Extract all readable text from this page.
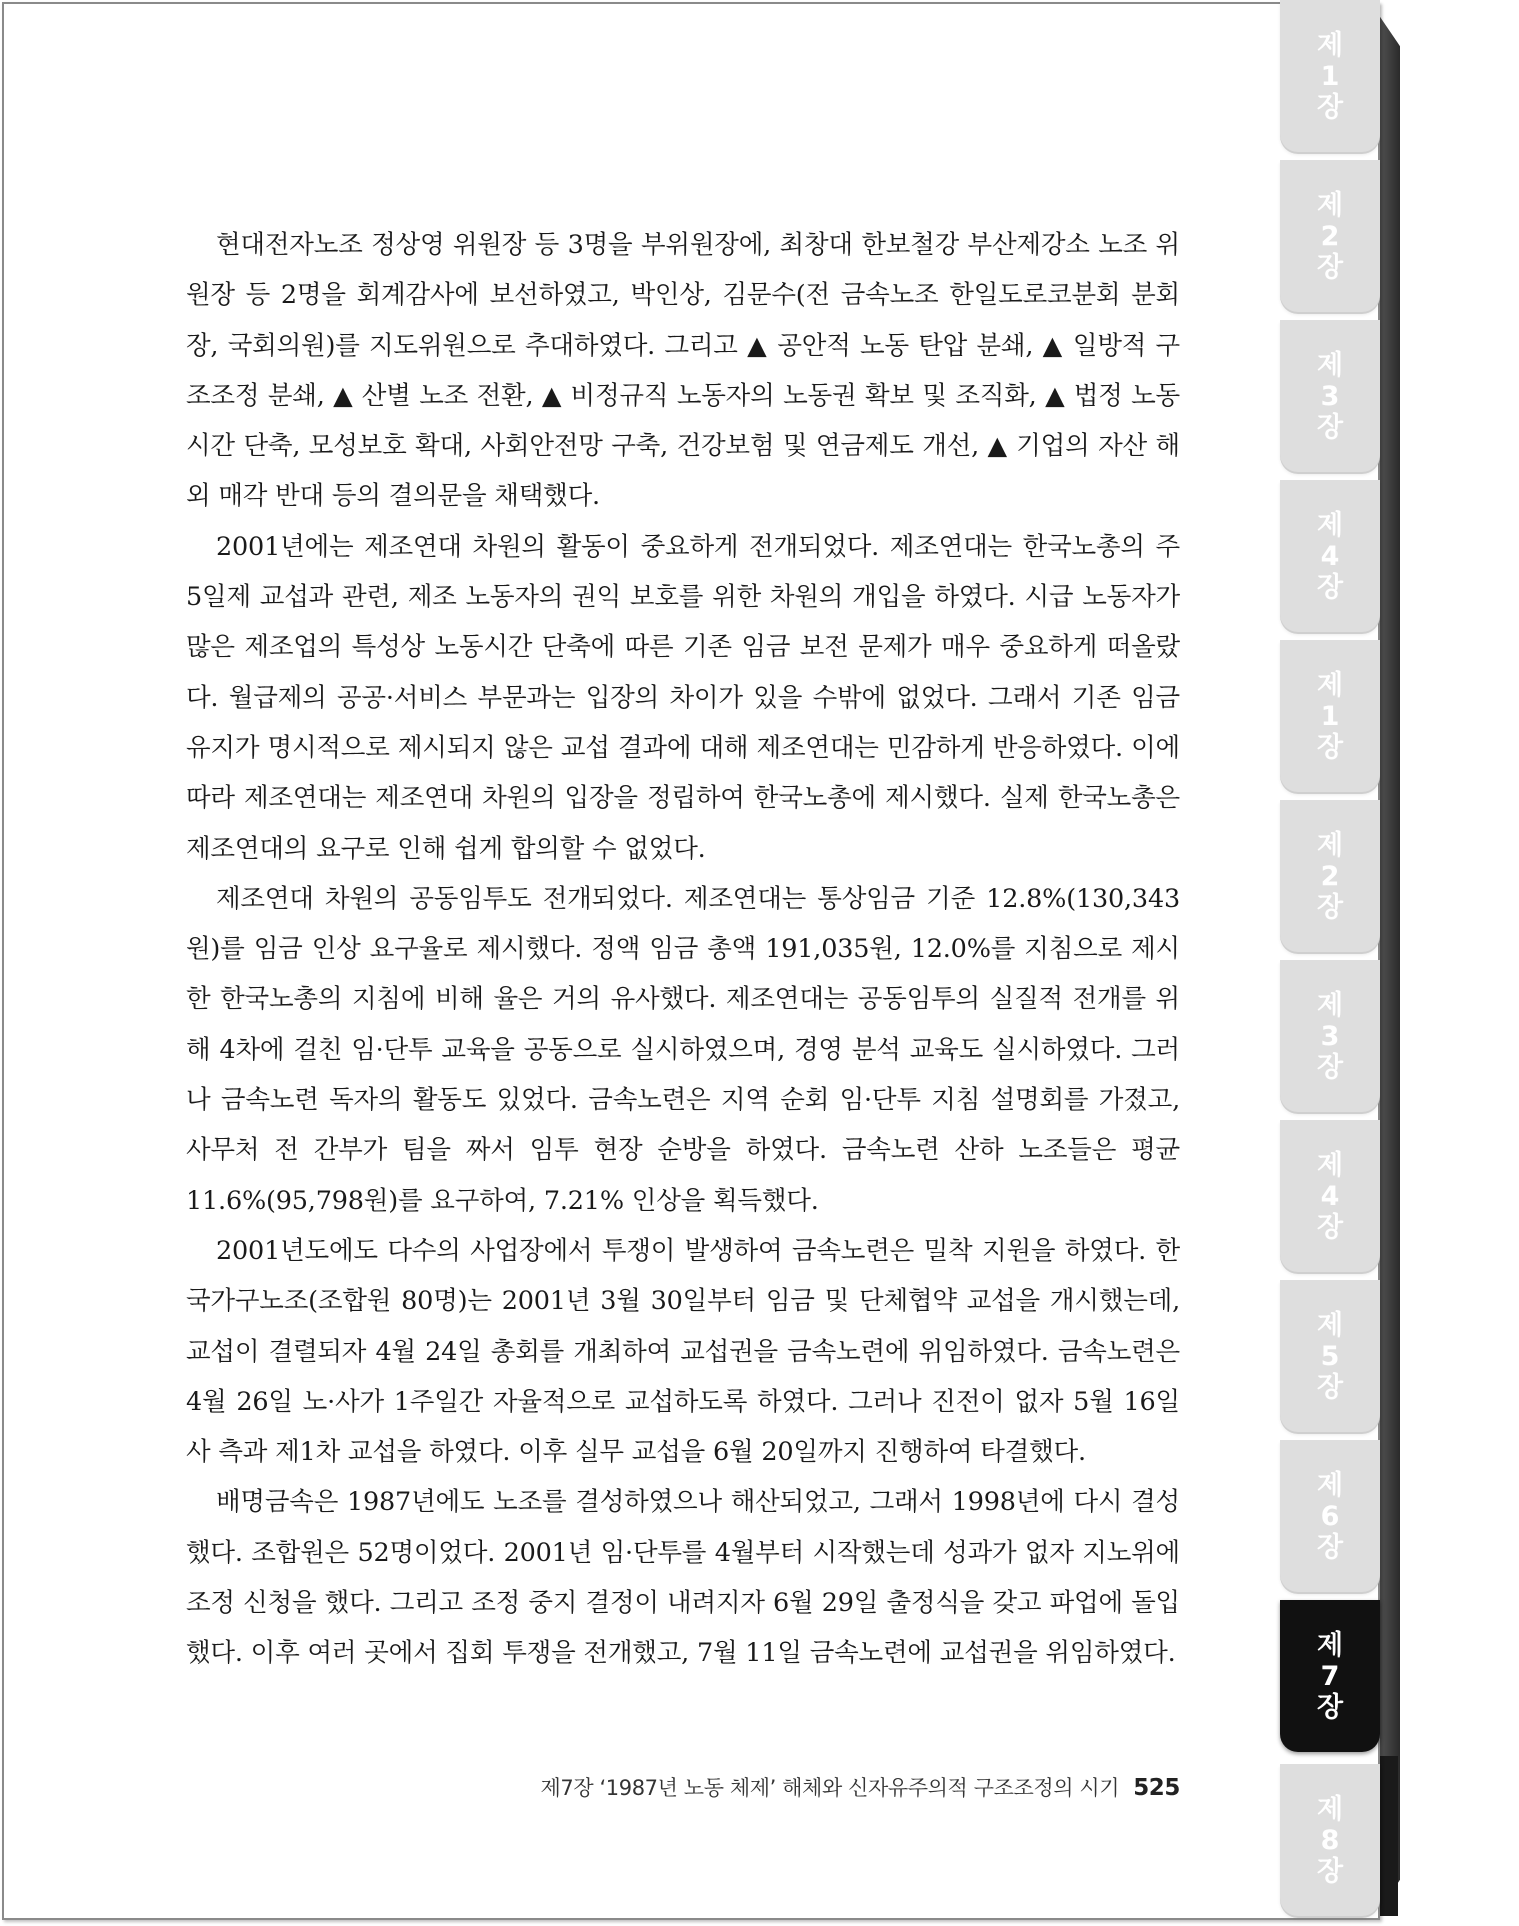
제
1
장
제
2
장
제
3
장
제
4
장
제
1
장
제
2
장
제
3
장
제
4
장
제
5
장
제
6
장
제
7
장
제
8
장

현대전자노조 정상영 위원장 등 3명을 부위원장에, 최창대 한보철강 부산제강소 노조 위원장 등 2명을 회계감사에 보선하였고, 박인상, 김문수(전 금속노조 한일도로코분회 분회장, 국회의원)를 지도위원으로 추대하였다. 그리고 ▲ 공안적 노동 탄압 분쇄, ▲ 일방적 구조조정 분쇄, ▲ 산별 노조 전환, ▲ 비정규직 노동자의 노동권 확보 및 조직화, ▲ 법정 노동시간 단축, 모성보호 확대, 사회안전망 구축, 건강보험 및 연금제도 개선, ▲ 기업의 자산 해외 매각 반대 등의 결의문을 채택했다.

2001년에는 제조연대 차원의 활동이 중요하게 전개되었다. 제조연대는 한국노총의 주 5일제 교섭과 관련, 제조 노동자의 권익 보호를 위한 차원의 개입을 하였다. 시급 노동자가 많은 제조업의 특성상 노동시간 단축에 따른 기존 임금 보전 문제가 매우 중요하게 떠올랐다. 월급제의 공공·서비스 부문과는 입장의 차이가 있을 수밖에 없었다. 그래서 기존 임금 유지가 명시적으로 제시되지 않은 교섭 결과에 대해 제조연대는 민감하게 반응하였다. 이에 따라 제조연대는 제조연대 차원의 입장을 정립하여 한국노총에 제시했다. 실제 한국노총은 제조연대의 요구로 인해 쉽게 합의할 수 없었다.

제조연대 차원의 공동임투도 전개되었다. 제조연대는 통상임금 기준 12.8%(130,343원)를 임금 인상 요구율로 제시했다. 정액 임금 총액 191,035원, 12.0%를 지침으로 제시한 한국노총의 지침에 비해 율은 거의 유사했다. 제조연대는 공동임투의 실질적 전개를 위해 4차에 걸친 임·단투 교육을 공동으로 실시하였으며, 경영 분석 교육도 실시하였다. 그러나 금속노련 독자의 활동도 있었다. 금속노련은 지역 순회 임·단투 지침 설명회를 가졌고, 사무처 전 간부가 팀을 짜서 임투 현장 순방을 하였다. 금속노련 산하 노조들은 평균 11.6%(95,798원)를 요구하여, 7.21% 인상을 획득했다.

2001년도에도 다수의 사업장에서 투쟁이 발생하여 금속노련은 밀착 지원을 하였다. 한국가구노조(조합원 80명)는 2001년 3월 30일부터 임금 및 단체협약 교섭을 개시했는데, 교섭이 결렬되자 4월 24일 총회를 개최하여 교섭권을 금속노련에 위임하였다. 금속노련은 4월 26일 노·사가 1주일간 자율적으로 교섭하도록 하였다. 그러나 진전이 없자 5월 16일 사 측과 제1차 교섭을 하였다. 이후 실무 교섭을 6월 20일까지 진행하여 타결했다.

배명금속은 1987년에도 노조를 결성하였으나 해산되었고, 그래서 1998년에 다시 결성했다. 조합원은 52명이었다. 2001년 임·단투를 4월부터 시작했는데 성과가 없자 지노위에 조정 신청을 했다. 그리고 조정 중지 결정이 내려지자 6월 29일 출정식을 갖고 파업에 돌입했다. 이후 여러 곳에서 집회 투쟁을 전개했고, 7월 11일 금속노련에 교섭권을 위임하였다.

제7장 ‘1987년 노동 체제’ 해체와 신자유주의적 구조조정의 시기 525
